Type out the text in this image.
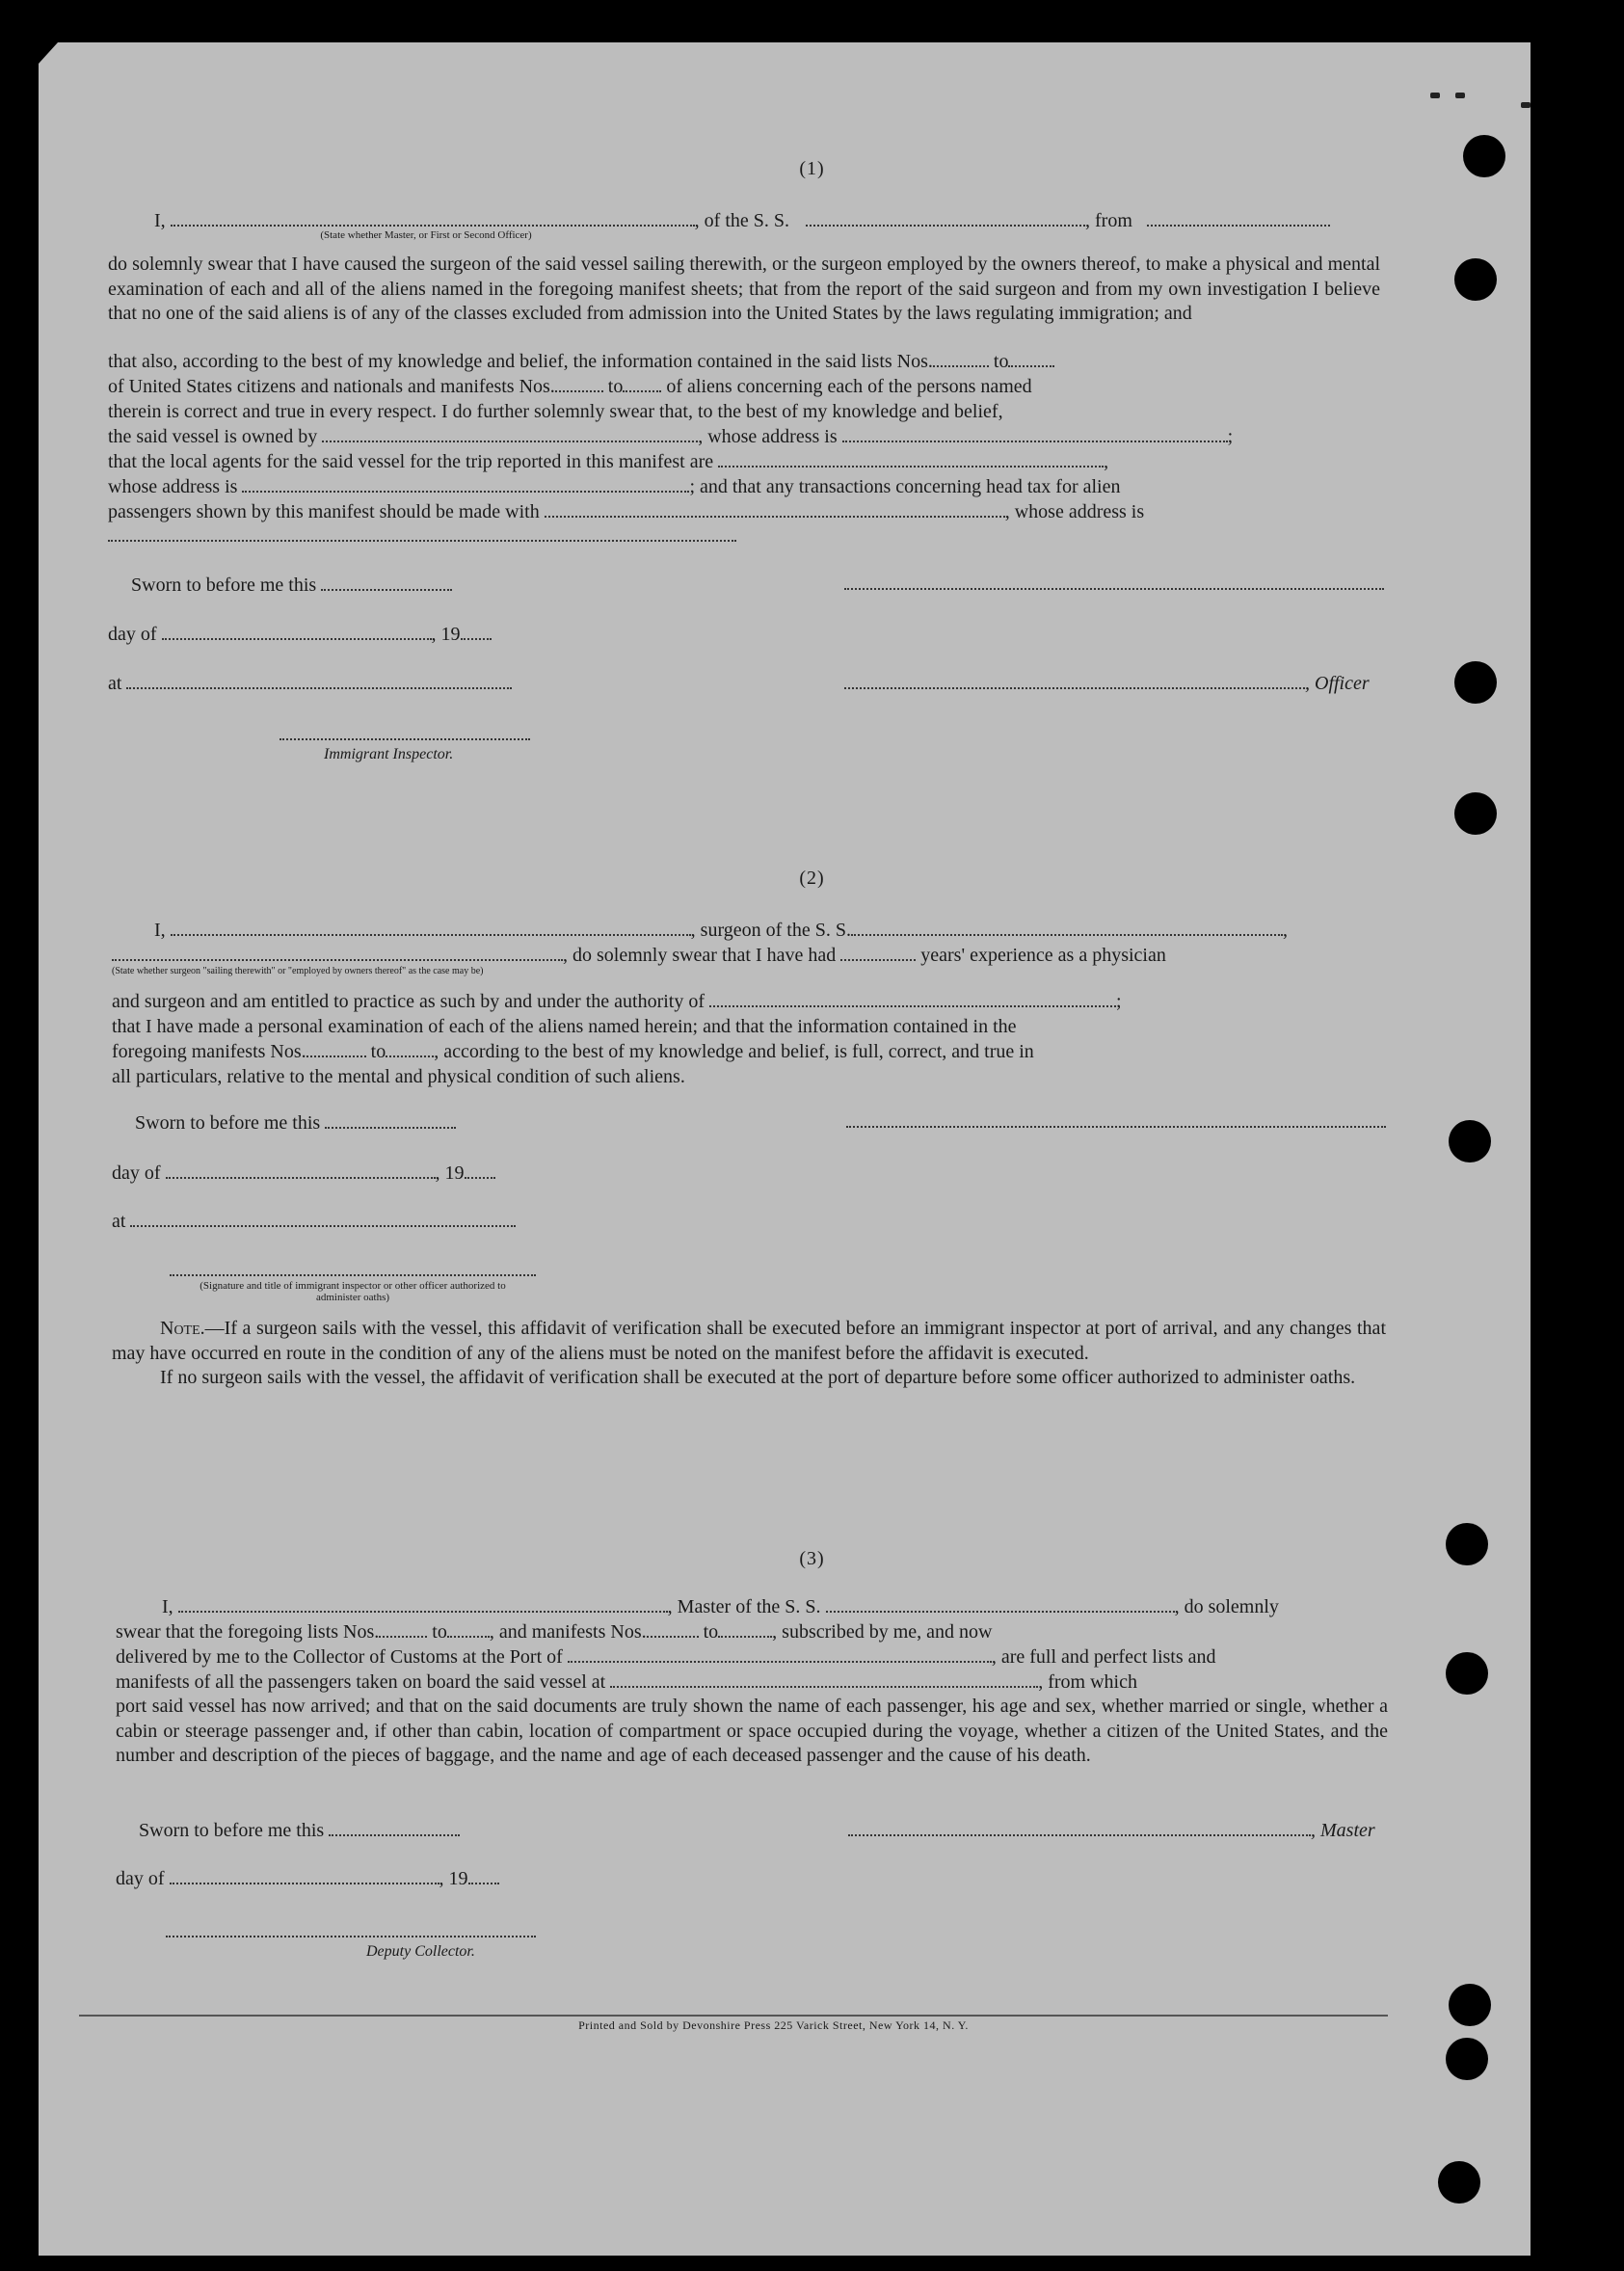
(1)
I,	, of the S. S.	, from
(State whether Master, or First or Second Officer)

do solemnly swear that I have caused the surgeon of the said vessel sailing therewith, or the surgeon employed by the owners thereof, to make a physical and mental examination of each and all of the aliens named in the foregoing manifest sheets; that from the report of the said surgeon and from my own investigation I believe that no one of the said aliens is of any of the classes excluded from admission into the United States by the laws regulating immigration; and

that also, according to the best of my knowledge and belief, the information contained in the said lists Nos.	to
of United States citizens and nationals and manifests Nos.	to of aliens concerning each of the persons named
therein is correct and true in every respect. I do further solemnly swear that, to the best of my knowledge and belief,
the said vessel is owned by	, whose address is	;
that the local agents for the said vessel for the trip reported in this manifest are	,
whose address is	; and that any transactions concerning head tax for alien
passengers shown by this manifest should be made with	, whose address is
Sworn to before me this
day of	, 19
at	, Officer
Immigrant Inspector.
(2)
I,	, surgeon of the S. S.	,
, do solemnly swear that I have had	years' experience as a physician
(State whether surgeon "sailing therewith" or "employed by owners thereof" as the case may be)
and surgeon and am entitled to practice as such by and under the authority of	;
that I have made a personal examination of each of the aliens named herein; and that the information contained in the
foregoing manifests Nos.	to	, according to the best of my knowledge and belief, is full, correct, and true in
all particulars, relative to the mental and physical condition of such aliens.
Sworn to before me this
day of	, 19
at
(Signature and title of immigrant inspector or other officer authorized to administer oaths)

Note.—If a surgeon sails with the vessel, this affidavit of verification shall be executed before an immigrant inspector at port of arrival, and any changes that may have occurred en route in the condition of any of the aliens must be noted on the manifest before the affidavit is executed.

If no surgeon sails with the vessel, the affidavit of verification shall be executed at the port of departure before some officer authorized to administer oaths.

(3)
I,	, Master of the S. S.	, do solemnly
swear that the foregoing lists Nos.	to , and manifests Nos.	to	, subscribed by me, and now
delivered by me to the Collector of Customs at the Port of	, are full and perfect lists and
manifests of all the passengers taken on board the said vessel at	, from which

port said vessel has now arrived; and that on the said documents are truly shown the name of each passenger, his age and sex, whether married or single, whether a cabin or steerage passenger and, if other than cabin, location of compartment or space occupied during the voyage, whether a citizen of the United States, and the number and description of the pieces of baggage, and the name and age of each deceased passenger and the cause of his death.

Sworn to before me this	, Master
day of	, 19
Deputy Collector.
Printed and Sold by Devonshire Press 225 Varick Street, New York 14, N. Y.
